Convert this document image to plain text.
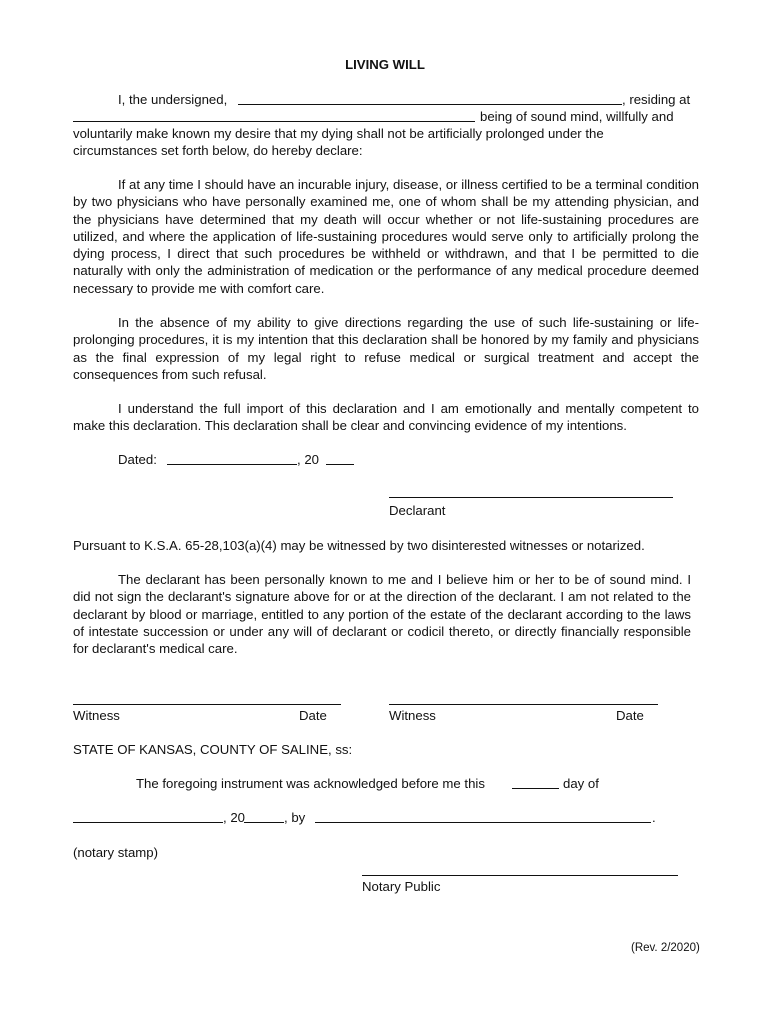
LIVING WILL
I, the undersigned,	, residing at
being of sound mind, willfully and
voluntarily make known my desire that my dying shall not be artificially prolonged under the
circumstances set forth below, do hereby declare:
If at any time I should have an incurable injury, disease, or illness certified to be a terminal condition by two physicians who have personally examined me, one of whom shall be my attending physician, and the physicians have determined that my death will occur whether or not life-sustaining procedures are utilized, and where the application of life-sustaining procedures would serve only to artificially prolong the dying process, I direct that such procedures be withheld or withdrawn, and that I be permitted to die naturally with only the administration of medication or the performance of any medical procedure deemed necessary to provide me with comfort care.
In the absence of my ability to give directions regarding the use of such life-sustaining or life-prolonging procedures, it is my intention that this declaration shall be honored by my family and physicians as the final expression of my legal right to refuse medical or surgical treatment and accept the consequences from such refusal.
I understand the full import of this declaration and I am emotionally and mentally competent to make this declaration. This declaration shall be clear and convincing evidence of my intentions.
Dated:	, 20
Declarant
Pursuant to K.S.A. 65-28,103(a)(4) may be witnessed by two disinterested witnesses or notarized.
The declarant has been personally known to me and I believe him or her to be of sound mind. I did not sign the declarant's signature above for or at the direction of the declarant. I am not related to the declarant by blood or marriage, entitled to any portion of the estate of the declarant according to the laws of intestate succession or under any will of declarant or codicil thereto, or directly financially responsible for declarant's medical care.
Witness	Date	Witness	Date
STATE OF KANSAS, COUNTY OF SALINE, ss:
The foregoing instrument was acknowledged before me this	day of
, 20	, by	.
(notary stamp)
Notary Public
(Rev. 2/2020)
